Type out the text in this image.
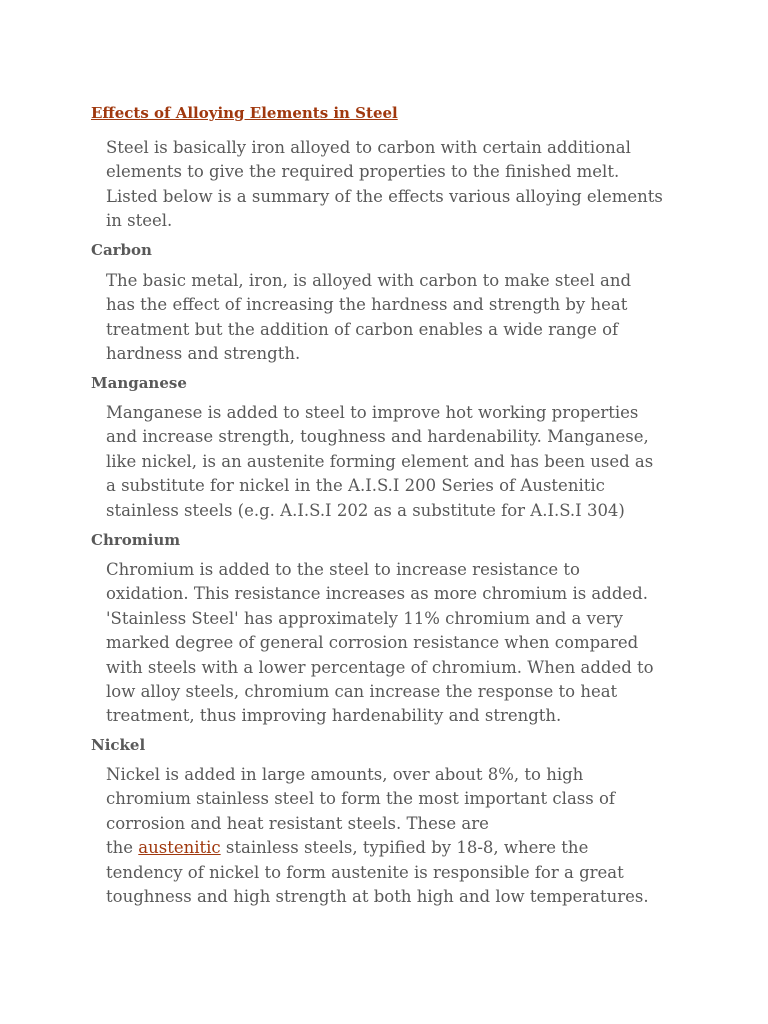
Effects of Alloying Elements in Steel
Steel is basically iron alloyed to carbon with certain additional
elements to give the required properties to the finished melt.
Listed below is a summary of the effects various alloying elements
in steel.
Carbon
The basic metal, iron, is alloyed with carbon to make steel and
has the effect of increasing the hardness and strength by heat
treatment but the addition of carbon enables a wide range of
hardness and strength.
Manganese
Manganese is added to steel to improve hot working properties
and increase strength, toughness and hardenability. Manganese,
like nickel, is an austenite forming element and has been used as
a substitute for nickel in the A.I.S.I 200 Series of Austenitic
stainless steels (e.g. A.I.S.I 202 as a substitute for A.I.S.I 304)
Chromium
Chromium is added to the steel to increase resistance to
oxidation. This resistance increases as more chromium is added.
'Stainless Steel' has approximately 11% chromium and a very
marked degree of general corrosion resistance when compared
with steels with a lower percentage of chromium. When added to
low alloy steels, chromium can increase the response to heat
treatment, thus improving hardenability and strength.
Nickel
Nickel is added in large amounts, over about 8%, to high
chromium stainless steel to form the most important class of
corrosion and heat resistant steels. These are
the austenitic stainless steels, typified by 18-8, where the
tendency of nickel to form austenite is responsible for a great
toughness and high strength at both high and low temperatures.
